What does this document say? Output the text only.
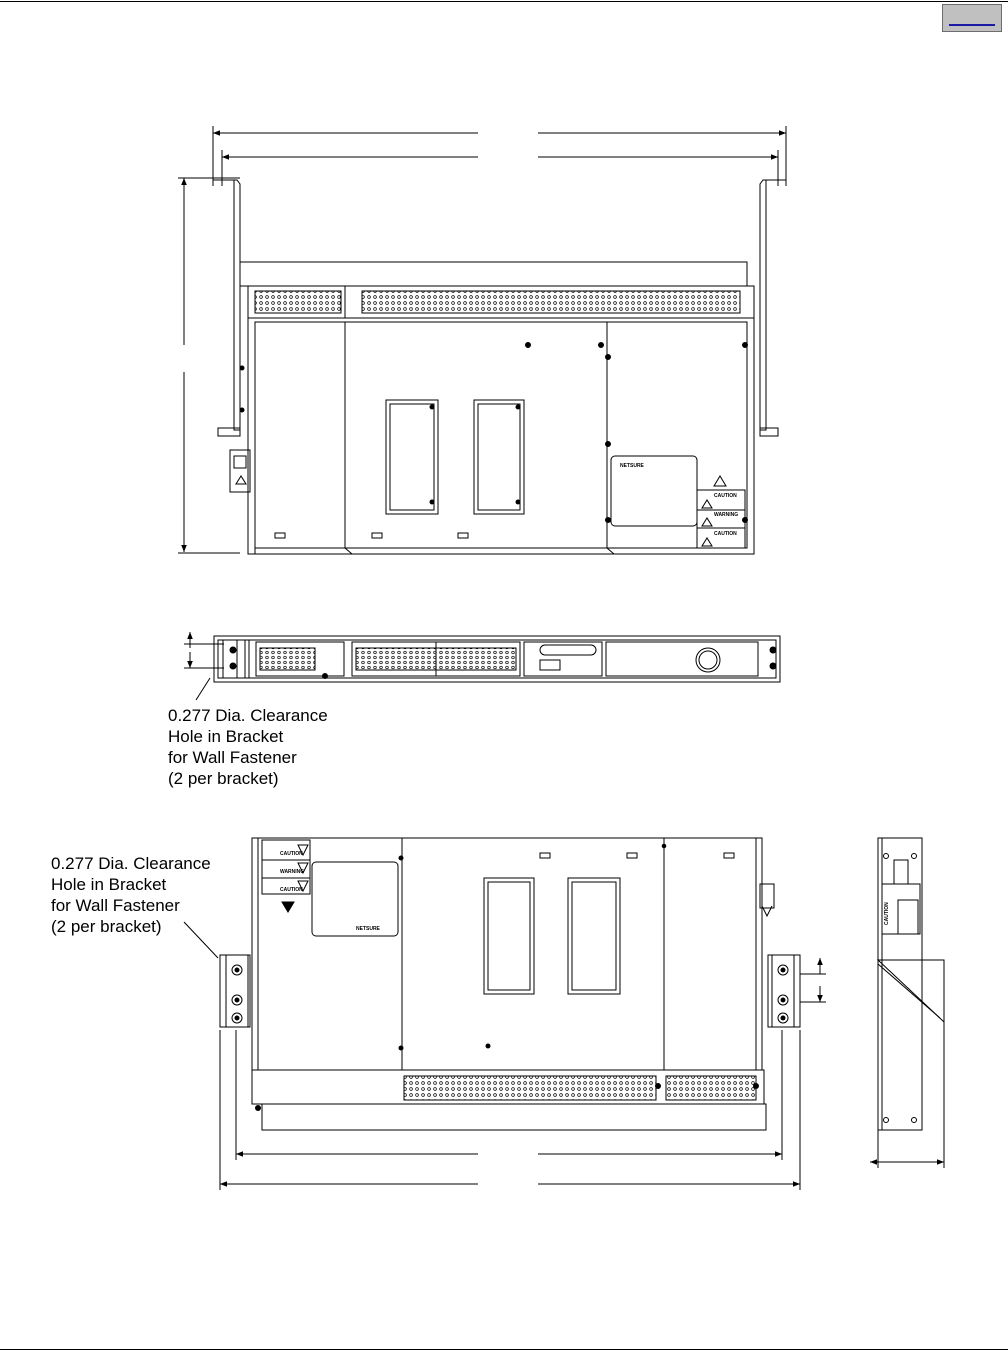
NETSURE
CAUTION
WARNING
CAUTION
NETSURE
CAUTION
WARNING
CAUTION
CAUTION
0.277 Dia. Clearance
Hole in Bracket
for Wall Fastener
(2 per bracket)
0.277 Dia. Clearance
Hole in Bracket
for Wall Fastener
(2 per bracket)
